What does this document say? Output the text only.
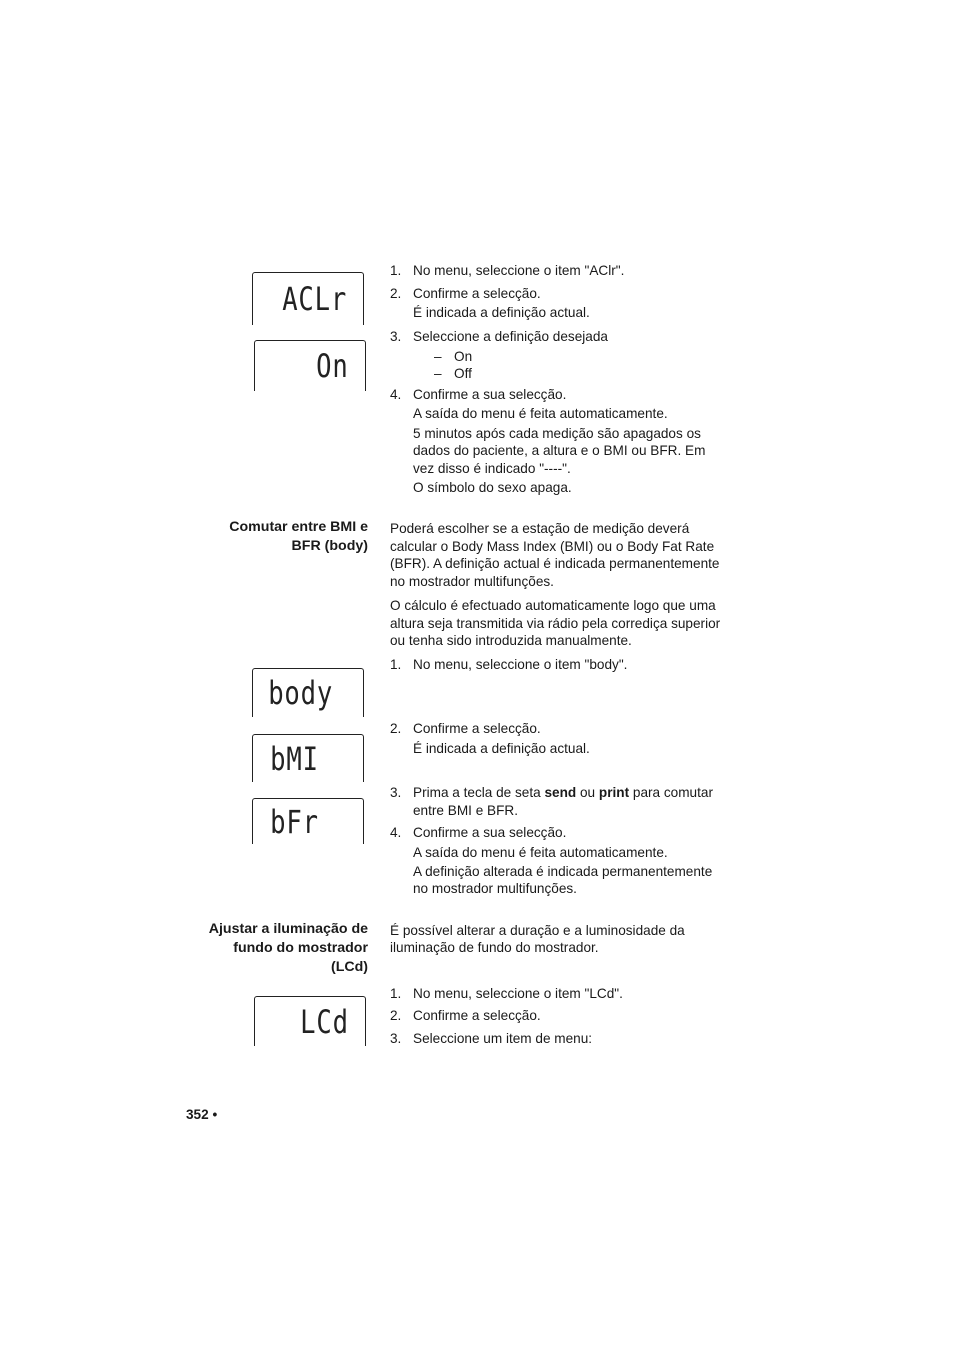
ACLr
On
body
bMI
bFr
LCd
1. No menu, seleccione o item "AClr".
2. Confirme a selecção.
É indicada a definição actual.
3. Seleccione a definição desejada
– On
– Off
4. Confirme a sua selecção.
A saída do menu é feita automaticamente.
5 minutos após cada medição são apagados os
dados do paciente, a altura e o BMI ou BFR. Em
vez disso é indicado "----".
O símbolo do sexo apaga.
Comutar entre BMI e
BFR (body)
Poderá escolher se a estação de medição deverá
calcular o Body Mass Index (BMI) ou o Body Fat Rate
(BFR). A definição actual é indicada permanentemente
no mostrador multifunções.
O cálculo é efectuado automaticamente logo que uma
altura seja transmitida via rádio pela corrediça superior
ou tenha sido introduzida manualmente.
1. No menu, seleccione o item "body".
2. Confirme a selecção.
É indicada a definição actual.
3. Prima a tecla de seta send ou print para comutar
entre BMI e BFR.
4. Confirme a sua selecção.
A saída do menu é feita automaticamente.
A definição alterada é indicada permanentemente
no mostrador multifunções.
Ajustar a iluminação de
fundo do mostrador
(LCd)
É possível alterar a duração e a luminosidade da
iluminação de fundo do mostrador.
1. No menu, seleccione o item "LCd".
2. Confirme a selecção.
3. Seleccione um item de menu:
352 •
